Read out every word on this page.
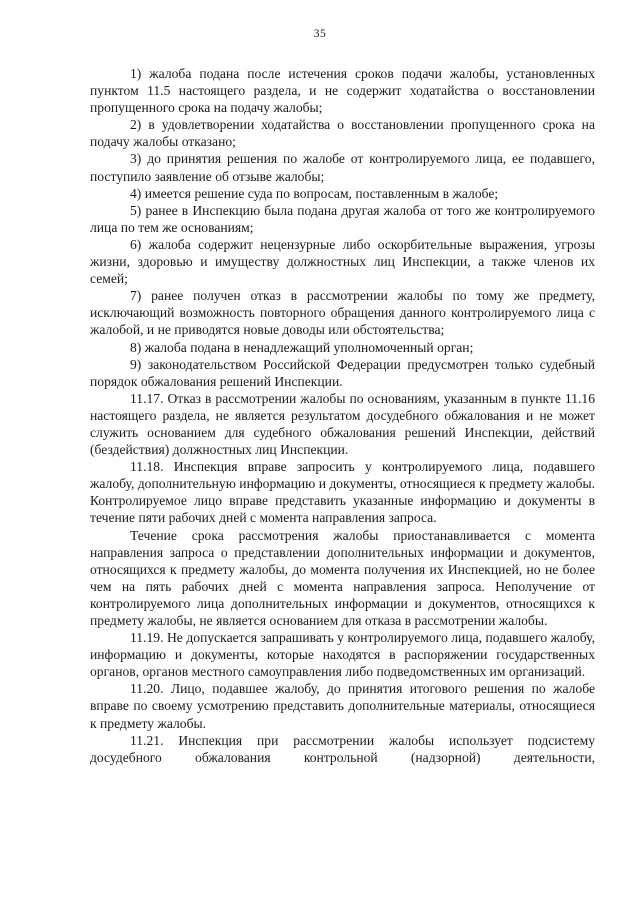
35

1) жалоба подана после истечения сроков подачи жалобы, установленных пунктом 11.5 настоящего раздела, и не содержит ходатайства о восстановлении пропущенного срока на подачу жалобы;

2) в удовлетворении ходатайства о восстановлении пропущенного срока на подачу жалобы отказано;

3) до принятия решения по жалобе от контролируемого лица, ее подавшего, поступило заявление об отзыве жалобы;

4) имеется решение суда по вопросам, поставленным в жалобе;

5) ранее в Инспекцию была подана другая жалоба от того же контролируемого лица по тем же основаниям;

6) жалоба содержит нецензурные либо оскорбительные выражения, угрозы жизни, здоровью и имуществу должностных лиц Инспекции, а также членов их семей;

7) ранее получен отказ в рассмотрении жалобы по тому же предмету, исключающий возможность повторного обращения данного контролируемого лица с жалобой, и не приводятся новые доводы или обстоятельства;

8) жалоба подана в ненадлежащий уполномоченный орган;

9) законодательством Российской Федерации предусмотрен только судебный порядок обжалования решений Инспекции.

11.17. Отказ в рассмотрении жалобы по основаниям, указанным в пункте 11.16 настоящего раздела, не является результатом досудебного обжалования и не может служить основанием для судебного обжалования решений Инспекции, действий (бездействия) должностных лиц Инспекции.

11.18. Инспекция вправе запросить у контролируемого лица, подавшего жалобу, дополнительную информацию и документы, относящиеся к предмету жалобы. Контролируемое лицо вправе представить указанные информацию и документы в течение пяти рабочих дней с момента направления запроса.

Течение срока рассмотрения жалобы приостанавливается с момента направления запроса о представлении дополнительных информации и документов, относящихся к предмету жалобы, до момента получения их Инспекцией, но не более чем на пять рабочих дней с момента направления запроса. Неполучение от контролируемого лица дополнительных информации и документов, относящихся к предмету жалобы, не является основанием для отказа в рассмотрении жалобы.

11.19. Не допускается запрашивать у контролируемого лица, подавшего жалобу, информацию и документы, которые находятся в распоряжении государственных органов, органов местного самоуправления либо подведомственных им организаций.

11.20. Лицо, подавшее жалобу, до принятия итогового решения по жалобе вправе по своему усмотрению представить дополнительные материалы, относящиеся к предмету жалобы.

11.21. Инспекция при рассмотрении жалобы использует подсистему досудебного обжалования контрольной (надзорной) деятельности,
